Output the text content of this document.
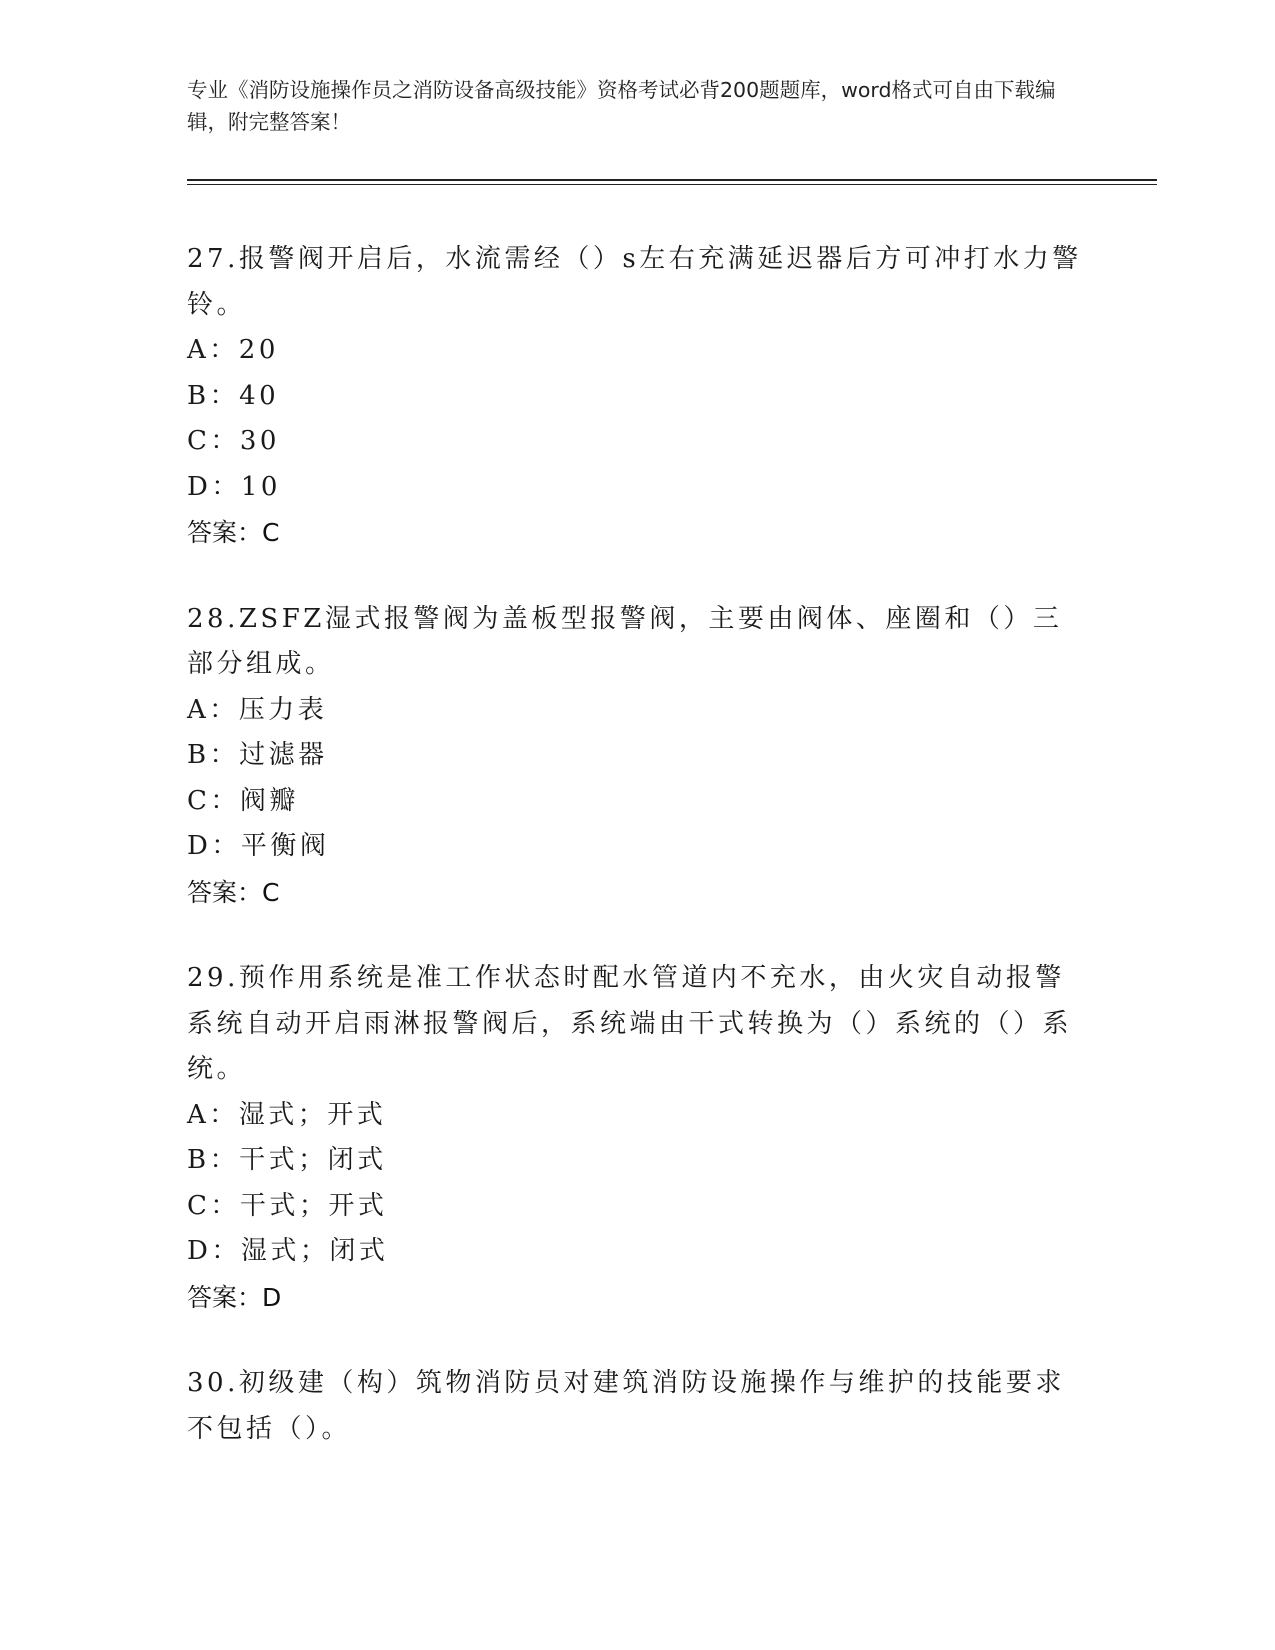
专业《消防设施操作员之消防设备高级技能》资格考试必背200题题库，word格式可自由下载编辑，附完整答案！

27.报警阀开启后，水流需经（）s左右充满延迟器后方可冲打水力警铃。

A：20
B：40
C：30
D：10
答案：C

28.ZSFZ湿式报警阀为盖板型报警阀，主要由阀体、座圈和（）三部分组成。

A：压力表
B：过滤器
C：阀瓣
D：平衡阀
答案：C

29.预作用系统是准工作状态时配水管道内不充水，由火灾自动报警系统自动开启雨淋报警阀后，系统端由干式转换为（）系统的（）系统。

A：湿式；开式
B：干式；闭式
C：干式；开式
D：湿式；闭式
答案：D

30.初级建（构）筑物消防员对建筑消防设施操作与维护的技能要求不包括（）。
